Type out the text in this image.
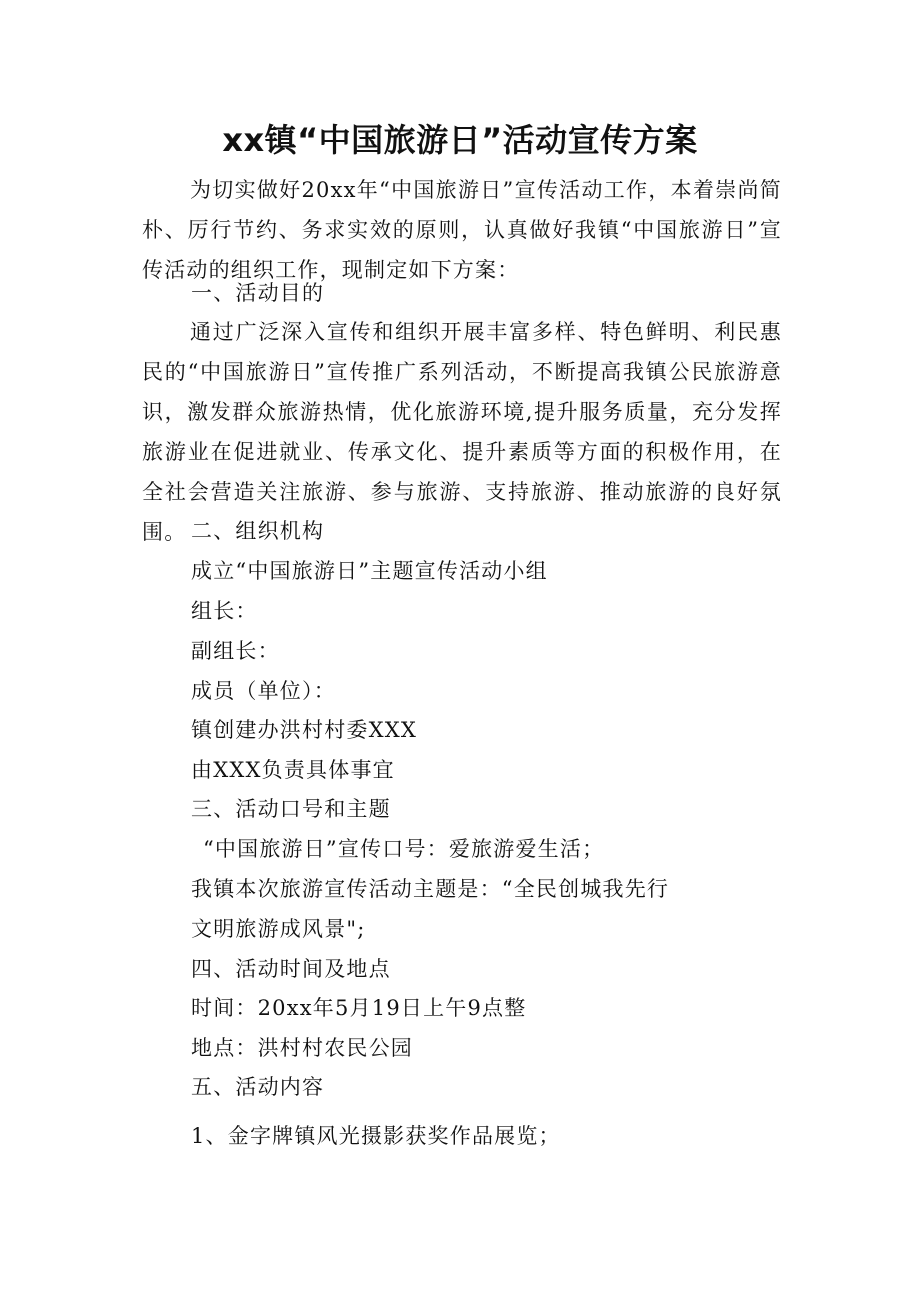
xx镇“中国旅游日”活动宣传方案
为切实做好20xx年“中国旅游日”宣传活动工作，本着崇尚简朴、厉行节约、务求实效的原则，认真做好我镇“中国旅游日”宣传活动的组织工作，现制定如下方案：
一、活动目的
通过广泛深入宣传和组织开展丰富多样、特色鲜明、利民惠民的“中国旅游日”宣传推广系列活动，不断提高我镇公民旅游意识，激发群众旅游热情，优化旅游环境,提升服务质量，充分发挥旅游业在促进就业、传承文化、提升素质等方面的积极作用，在全社会营造关注旅游、参与旅游、支持旅游、推动旅游的良好氛围。 二、组织机构
成立“中国旅游日”主题宣传活动小组
组长：
副组长：
成员（单位）：
镇创建办洪村村委XXX
由XXX负责具体事宜
三、活动口号和主题
“中国旅游日”宣传口号：爱旅游爱生活；
我镇本次旅游宣传活动主题是：“全民创城我先行
文明旅游成风景";
四、活动时间及地点
时间：20xx年5月19日上午9点整
地点：洪村村农民公园
五、活动内容
1、金字牌镇风光摄影获奖作品展览；
